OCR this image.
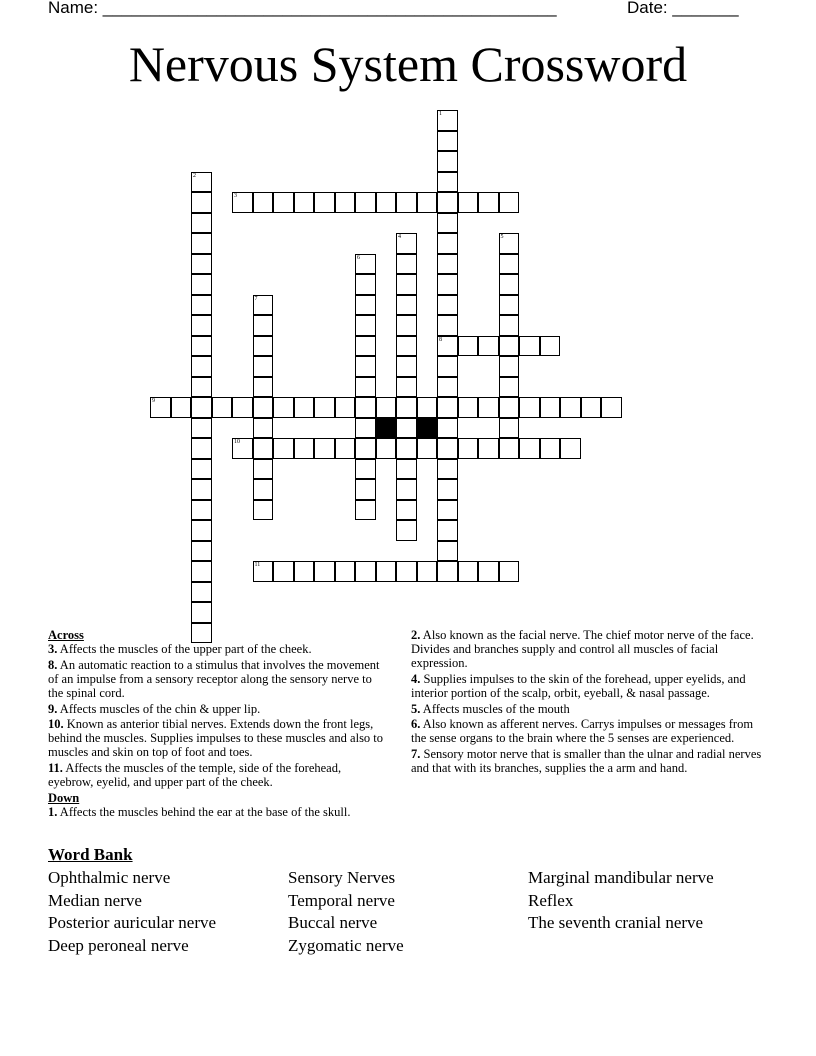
Name: ________________________________________________	Date: _______
Nervous System Crossword
1
8
2
3
4	5
6
7
9
10
11
Across
3. Affects the muscles of the upper part of the cheek.
8. An automatic reaction to a stimulus that involves the movement of an impulse from a sensory receptor along the sensory nerve to the spinal cord.
9. Affects muscles of the chin & upper lip.
10. Known as anterior tibial nerves. Extends down the front legs, behind the muscles. Supplies impulses to these muscles and also to muscles and skin on top of foot and toes.
11. Affects the muscles of the temple, side of the forehead, eyebrow, eyelid, and upper part of the cheek.
Down
1. Affects the muscles behind the ear at the base of the skull.
2. Also known as the facial nerve. The chief motor nerve of the face. Divides and branches supply and control all muscles of facial expression.
4. Supplies impulses to the skin of the forehead, upper eyelids, and interior portion of the scalp, orbit, eyeball, & nasal passage.
5. Affects muscles of the mouth
6. Also known as afferent nerves. Carrys impulses or messages from the sense organs to the brain where the 5 senses are experienced.
7. Sensory motor nerve that is smaller than the ulnar and radial nerves and that with its branches, supplies the a arm and hand.
Word Bank
Ophthalmic nerve
Median nerve
Posterior auricular nerve
Deep peroneal nerve
Sensory Nerves
Temporal nerve
Buccal nerve
Zygomatic nerve
Marginal mandibular nerve
Reflex
The seventh cranial nerve
